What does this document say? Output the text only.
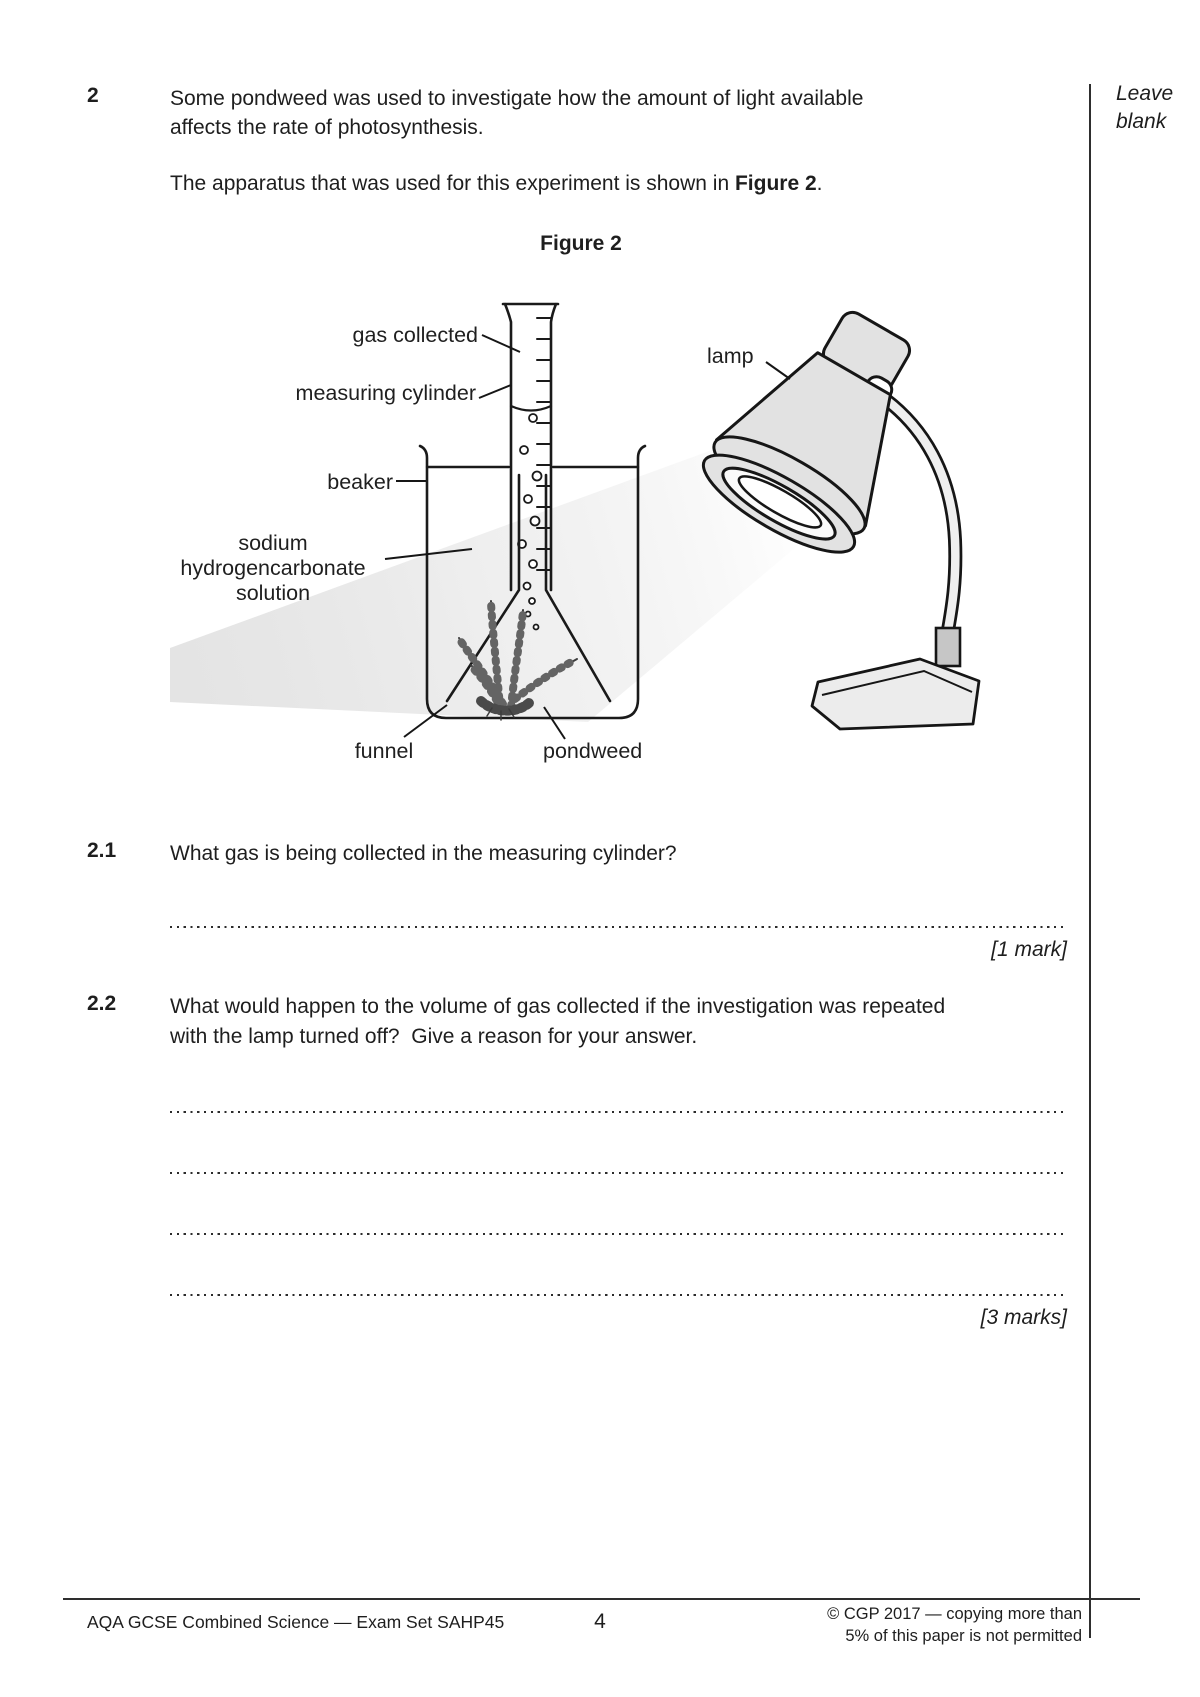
Leave
blank
2	Some pondweed was used to investigate how the amount of light available
affects the rate of photosynthesis.
The apparatus that was used for this experiment is shown in Figure 2.
Figure 2
gas collected
measuring cylinder
beaker
sodium
hydrogencarbonate
solution
lamp
funnel	pondweed
2.1	What gas is being collected in the measuring cylinder?
[1 mark]
2.2	What would happen to the volume of gas collected if the investigation was repeated
with the lamp turned off?  Give a reason for your answer.
[3 marks]
AQA GCSE Combined Science — Exam Set SAHP45	4	© CGP 2017 — copying more than
5% of this paper is not permitted
